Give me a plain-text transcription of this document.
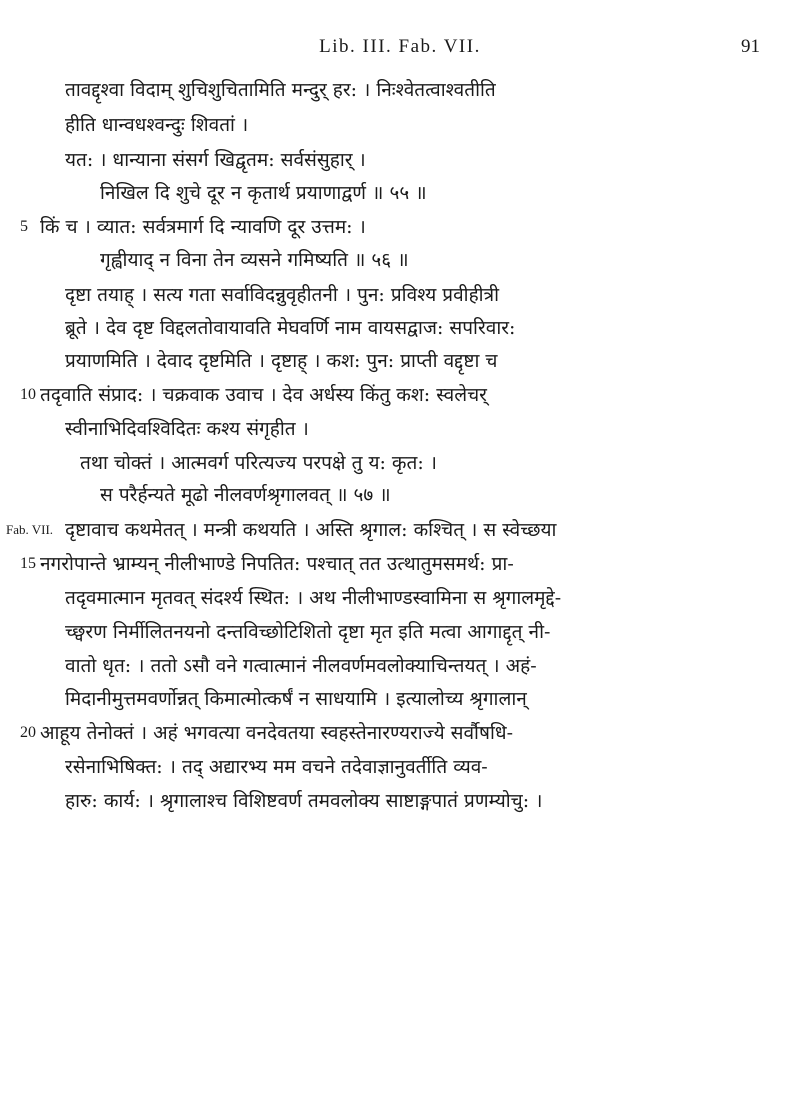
Lib. III. Fab. VII.	91
तावद्दृश्वा विदाम् शुचिशुचितामिति मन्दुर् हर: । निःश्वेतत्वाश्वतीति
हीति धान्वधश्वन्दुः शिवतां ।
यत: । धान्याना संसर्ग खिद्वृतम: सर्वसंसुहार् ।
निखिल दि शुचे दूर न कृतार्थ प्रयाणाद्वर्ण ॥ ५५ ॥
5 किं च । व्यात: सर्वत्रमार्ग दि न्यावणि दूर उत्तम: ।
गृह्वीयाद् न विना तेन व्यसने गमिष्यति ॥ ५६ ॥
दृष्टा तयाह् । सत्य गता सर्वाविदन्नुवृहीतनी । पुन: प्रविश्य प्रवीहीत्री
ब्रूते । देव दृष्ट विद्दलतोवायावति मेघवर्णि नाम वायसद्वाज: सपरिवार:
प्रयाणमिति । देवाद दृष्टमिति । दृष्टाह् । कश: पुन: प्राप्ती वद्दृष्टा च
10 तदृवाति संप्राद: । चक्रवाक उवाच । देव अर्धस्य किंतु कश: स्वलेचर्
स्वीनाभिदिवश्विदितः कश्य संगृहीत ।
तथा चोक्तं । आत्मवर्ग परित्यज्य परपक्षे तु य: कृत: ।
स परैर्हन्यते मूढो नीलवर्णश्रृगालवत् ॥ ५७ ॥
Fab. VII. दृष्टावाच कथमेतत् । मन्त्री कथयति । अस्ति श्रृगाल: कश्चित् । स स्वेच्छया
15 नगरोपान्ते भ्राम्यन् नीलीभाण्डे निपतित: पश्चात् तत उत्थातुमसमर्थ: प्रा-
तदृवमात्मान मृतवत् संदर्श्य स्थित: । अथ नीलीभाण्डस्वामिना स श्रृगालमृद्दे-
च्छ्वरण निर्मीलितनयनो दन्तविच्छोटिशितो दृष्टा मृत इति मत्वा आगाद्दृत् नी-
वातो धृत: । ततो ऽसौ वने गत्वात्मानं नीलवर्णमवलोक्याचिन्तयत् । अहं-
मिदानीमुत्तमवर्णोन्नत् किमात्मोत्कर्षं न साधयामि । इत्यालोच्य श्रृगालान्
20 आहूय तेनोक्तं । अहं भगवत्या वनदेवतया स्वहस्तेनारण्यराज्ये सर्वौषधि-
रसेनाभिषिक्त: । तद् अद्यारभ्य मम वचने तदेवाज्ञानुवर्तीति व्यव-
हारु: कार्य: । श्रृगालाश्च विशिष्टवर्ण तमवलोक्य साष्टाङ्गपातं प्रणम्योचु: ।
